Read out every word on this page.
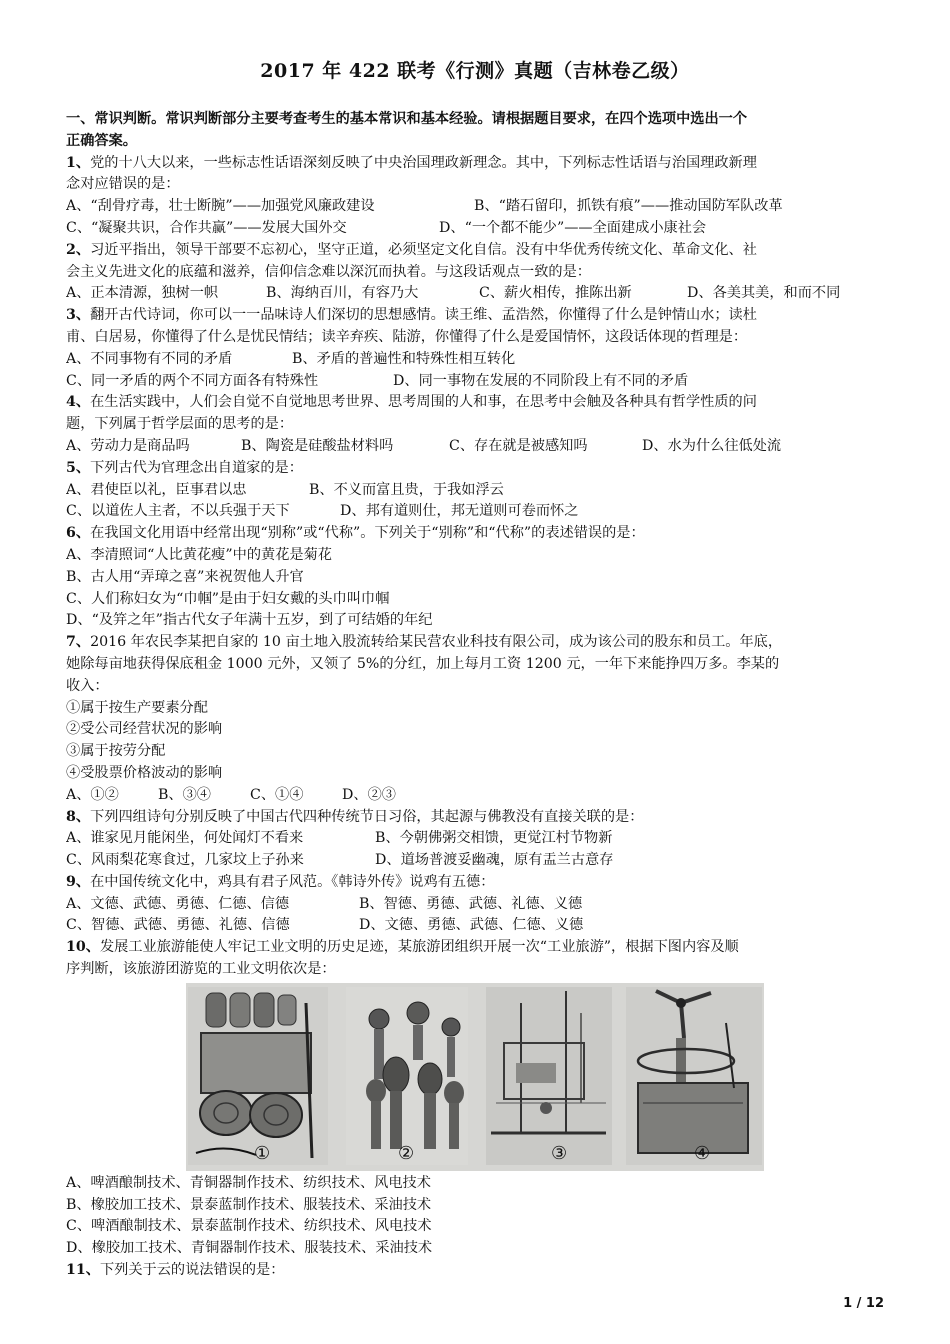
2017 年 422 联考《行测》真题（吉林卷乙级）
一、常识判断。常识判断部分主要考查考生的基本常识和基本经验。请根据题目要求，在四个选项中选出一个
正确答案。
1、党的十八大以来，一些标志性话语深刻反映了中央治国理政新理念。其中，下列标志性话语与治国理政新理
念对应错误的是：
A、“刮骨疗毒，壮士断腕”——加强党风廉政建设	B、“踏石留印，抓铁有痕”——推动国防军队改革
C、“凝聚共识，合作共赢”——发展大国外交	D、“一个都不能少”——全面建成小康社会
2、习近平指出，领导干部要不忘初心，坚守正道，必须坚定文化自信。没有中华优秀传统文化、革命文化、社
会主义先进文化的底蕴和滋养，信仰信念难以深沉而执着。与这段话观点一致的是：
A、正本清源，独树一帜	B、海纳百川，有容乃大	C、薪火相传，推陈出新	D、各美其美，和而不同
3、翻开古代诗词，你可以一一品味诗人们深切的思想感情。读王维、孟浩然，你懂得了什么是钟情山水；读杜
甫、白居易，你懂得了什么是忧民情结；读辛弃疾、陆游，你懂得了什么是爱国情怀，这段话体现的哲理是：
A、不同事物有不同的矛盾	B、矛盾的普遍性和特殊性相互转化
C、同一矛盾的两个不同方面各有特殊性	D、同一事物在发展的不同阶段上有不同的矛盾
4、在生活实践中，人们会自觉不自觉地思考世界、思考周围的人和事，在思考中会触及各种具有哲学性质的问
题，下列属于哲学层面的思考的是：
A、劳动力是商品吗	B、陶瓷是硅酸盐材料吗	C、存在就是被感知吗	D、水为什么往低处流
5、下列古代为官理念出自道家的是：
A、君使臣以礼，臣事君以忠	B、不义而富且贵，于我如浮云
C、以道佐人主者，不以兵强于天下	D、邦有道则仕，邦无道则可卷而怀之
6、在我国文化用语中经常出现“别称”或“代称”。下列关于“别称”和“代称”的表述错误的是：
A、李清照词“人比黄花瘦”中的黄花是菊花
B、古人用“弄璋之喜”来祝贺他人升官
C、人们称妇女为“巾帼”是由于妇女戴的头巾叫巾帼
D、“及笄之年”指古代女子年满十五岁，到了可结婚的年纪
7、2016 年农民李某把自家的 10 亩土地入股流转给某民营农业科技有限公司，成为该公司的股东和员工。年底，
她除每亩地获得保底租金 1000 元外，又领了 5%的分红，加上每月工资 1200 元，一年下来能挣四万多。李某的
收入：
①属于按生产要素分配
②受公司经营状况的影响
③属于按劳分配
④受股票价格波动的影响
A、①②	B、③④	C、①④	D、②③
8、下列四组诗句分别反映了中国古代四种传统节日习俗，其起源与佛教没有直接关联的是：
A、谁家见月能闲坐，何处闻灯不看来	B、今朝佛粥交相馈，更觉江村节物新
C、风雨梨花寒食过，几家坟上子孙来	D、道场普渡妥幽魂，原有盂兰古意存
9、在中国传统文化中，鸡具有君子风范。《韩诗外传》说鸡有五德：
A、文德、武德、勇德、仁德、信德	B、智德、勇德、武德、礼德、义德
C、智德、武德、勇德、礼德、信德	D、文德、勇德、武德、仁德、义德
10、发展工业旅游能使人牢记工业文明的历史足迹，某旅游团组织开展一次“工业旅游”，根据下图内容及顺
序判断，该旅游团游览的工业文明依次是：
①	②	③	④
A、啤酒酿制技术、青铜器制作技术、纺织技术、风电技术
B、橡胶加工技术、景泰蓝制作技术、服装技术、采油技术
C、啤酒酿制技术、景泰蓝制作技术、纺织技术、风电技术
D、橡胶加工技术、青铜器制作技术、服装技术、采油技术
11、下列关于云的说法错误的是：
1 / 12
